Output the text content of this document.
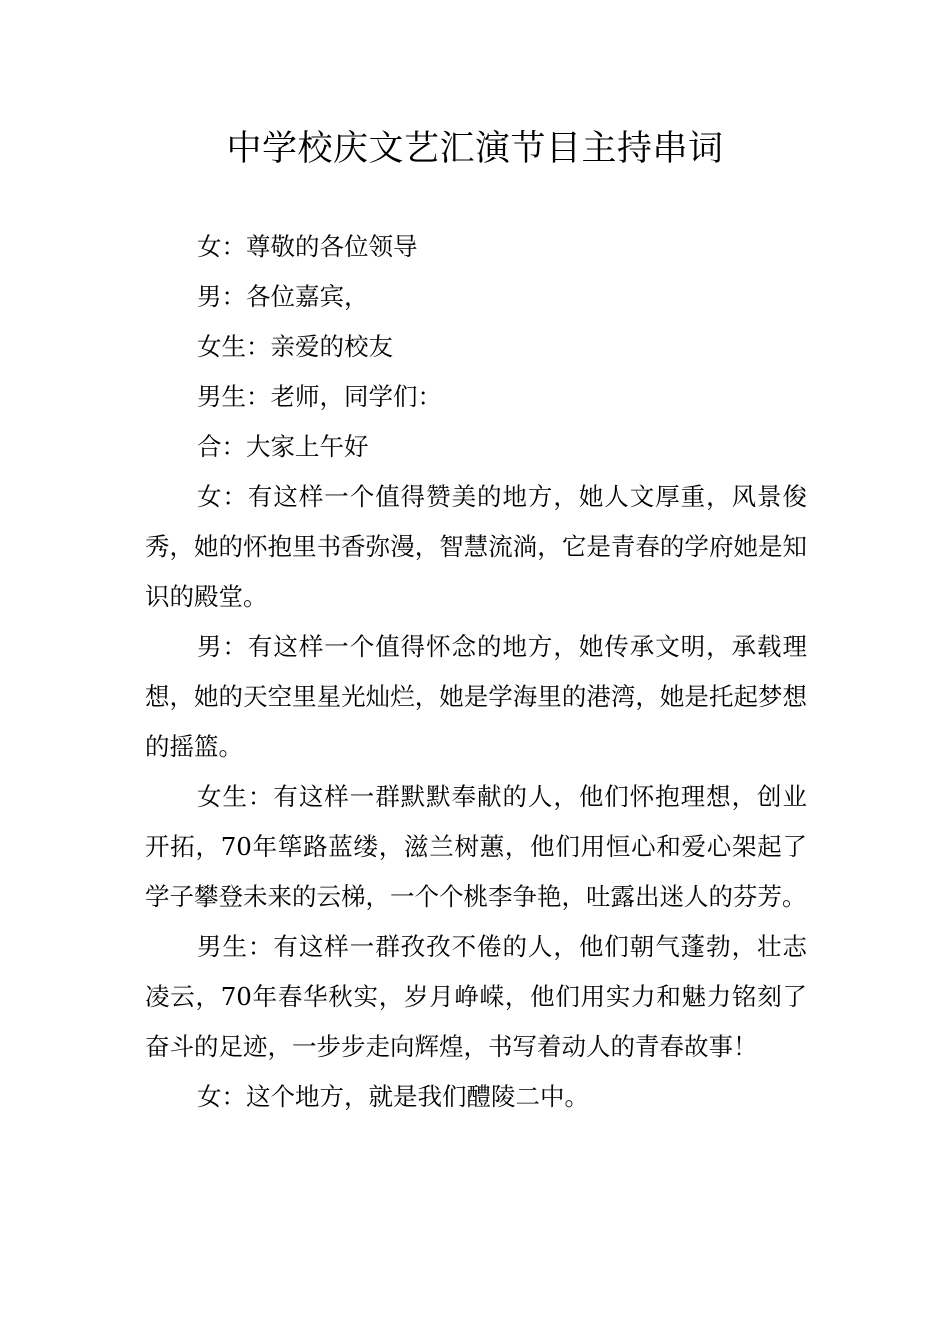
中学校庆文艺汇演节目主持串词

女：尊敬的各位领导

男：各位嘉宾，

女生：亲爱的校友

男生：老师，同学们：

合：大家上午好

女：有这样一个值得赞美的地方，她人文厚重，风景俊秀，她的怀抱里书香弥漫，智慧流淌，它是青春的学府她是知识的殿堂。

男：有这样一个值得怀念的地方，她传承文明，承载理想，她的天空里星光灿烂，她是学海里的港湾，她是托起梦想的摇篮。

女生：有这样一群默默奉献的人，他们怀抱理想，创业开拓，70年筚路蓝缕，滋兰树蕙，他们用恒心和爱心架起了学子攀登未来的云梯，一个个桃李争艳，吐露出迷人的芬芳。

男生：有这样一群孜孜不倦的人，他们朝气蓬勃，壮志凌云，70年春华秋实，岁月峥嵘，他们用实力和魅力铭刻了奋斗的足迹，一步步走向辉煌，书写着动人的青春故事！

女：这个地方，就是我们醴陵二中。
